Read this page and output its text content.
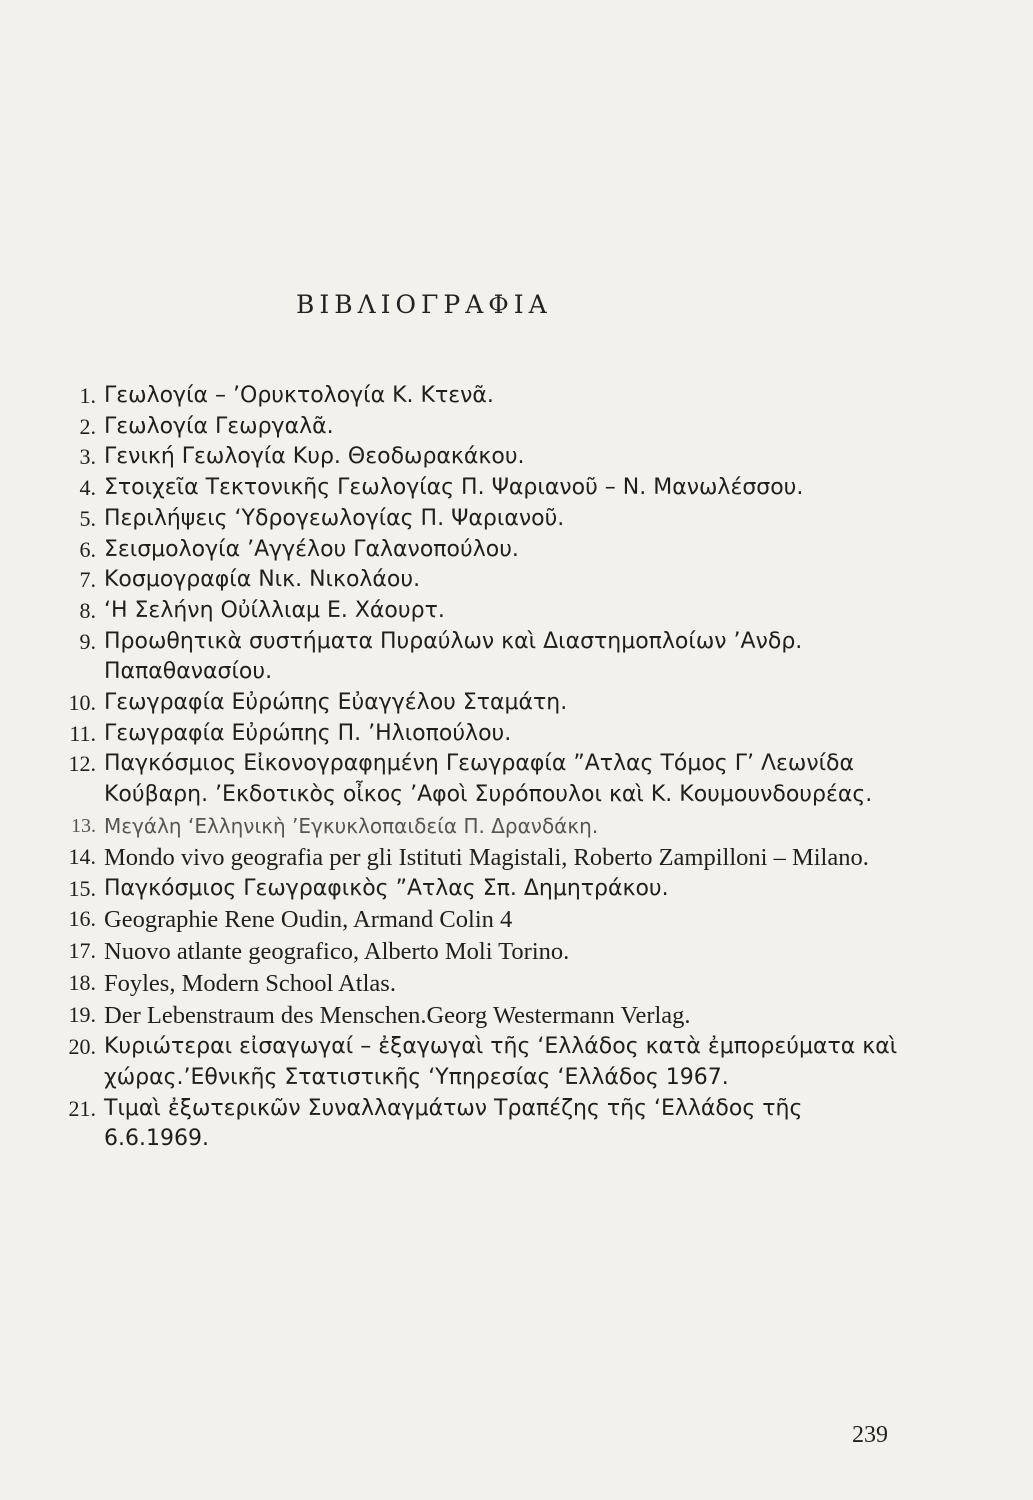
ΒΙΒΛΙΟΓΡΑΦΙΑ
1. Γεωλογία – ’Ορυκτολογία Κ. Κτενᾶ.
2. Γεωλογία Γεωργαλᾶ.
3. Γενική Γεωλογία Κυρ. Θεοδωρακάκου.
4. Στοιχεῖα Τεκτονικῆς Γεωλογίας Π. Ψαριανοῦ – Ν. Μανωλέσσου.
5. Περιλήψεις ‘Υδρογεωλογίας Π. Ψαριανοῦ.
6. Σεισμολογία ’Αγγέλου Γαλανοπούλου.
7. Κοσμογραφία Νικ. Νικολάου.
8. ‘Η Σελήνη Οὐίλλιαμ Ε. Χάουρτ.
9. Προωθητικὰ συστήματα Πυραύλων καὶ Διαστημοπλοίων ’Ανδρ. Παπαθανασίου.
10. Γεωγραφία Εὐρώπης Εὐαγγέλου Σταμάτη.
11. Γεωγραφία Εὐρώπης Π. ’Ηλιοπούλου.
12. Παγκόσμιος Εἰκονογραφημένη Γεωγραφία ”Ατλας Τόμος Γ’ Λεωνίδα Κούβαρη. ’Εκδοτικὸς οἶκος ’Αφοὶ Συρόπουλοι καὶ Κ. Κουμουνδουρέας.
13. Μεγάλη ‘Ελληνικὴ ’Εγκυκλοπαιδεία Π. Δρανδάκη.
14. Mondo vivo geografia per gli Istituti Magistali, Roberto Zampilloni – Milano.
15. Παγκόσμιος Γεωγραφικὸς ”Ατλας Σπ. Δημητράκου.
16. Geographie Rene Oudin, Armand Colin 4
17. Nuovo atlante geografico, Alberto Moli Torino.
18. Foyles, Modern School Atlas.
19. Der Lebenstraum des Menschen.Georg Westermann Verlag.
20. Κυριώτεραι εἰσαγωγαί – ἐξαγωγαὶ τῆς ‘Ελλάδος κατὰ ἐμπορεύματα καὶ χώρας.’Εθνικῆς Στατιστικῆς ‘Υπηρεσίας ‘Ελλάδος 1967.
21. Τιμαὶ ἐξωτερικῶν Συναλλαγμάτων Τραπέζης τῆς ‘Ελλάδος τῆς 6.6.1969.
239
